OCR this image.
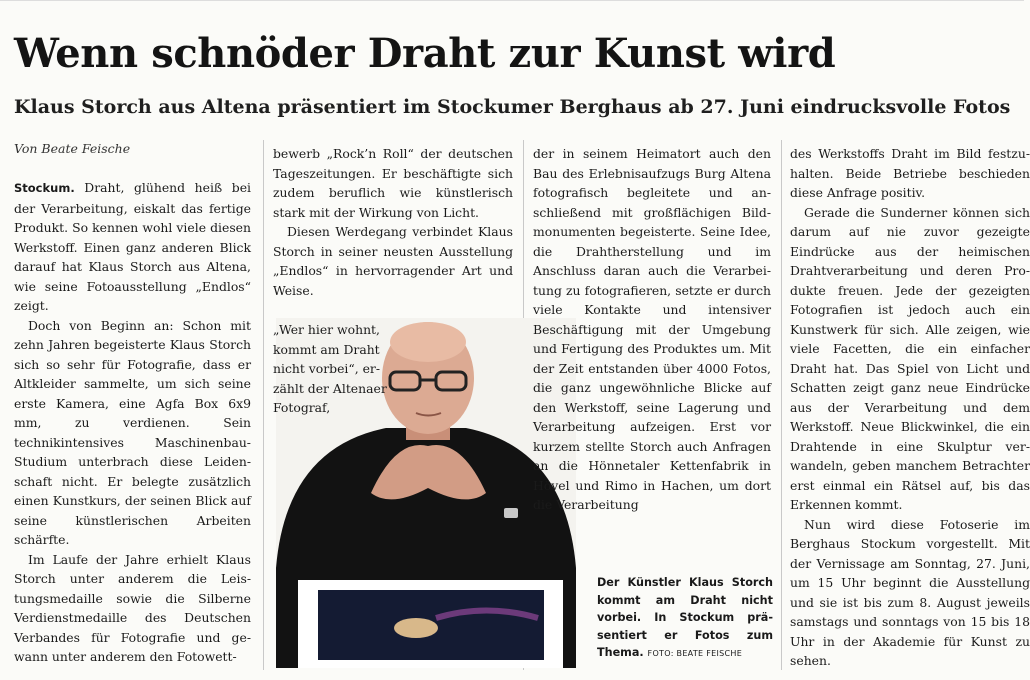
Wenn schnöder Draht zur Kunst wird
Klaus Storch aus Altena präsentiert im Stockumer Berghaus ab 27. Juni eindrucksvolle Fotos
Von Beate Feische

Stockum. Draht, glühend heiß bei der Verarbeitung, eiskalt das fertige Produkt. So kennen wohl viele diesen Werkstoff. Einen ganz anderen Blick darauf hat Klaus Storch aus Altena, wie seine Fotoausstellung „Endlos“ zeigt.

Doch von Beginn an: Schon mit zehn Jahren begeisterte Klaus Storch sich so sehr für Fotografie, dass er Altkleider sammelte, um sich seine erste Kamera, eine Agfa Box 6x9 mm, zu verdienen. Sein technikintensives Maschinenbau-Studium unterbrach diese Leidenschaft nicht. Er belegte zusätzlich einen Kunstkurs, der seinen Blick auf seine künstlerischen Arbeiten schärfte.

Im Laufe der Jahre erhielt Klaus Storch unter anderem die Leistungsmedaille sowie die Silberne Verdienstmedaille des Deutschen Verbandes für Fotografie und gewann unter anderem den Fotowett-

bewerb „Rock’n Roll“ der deutschen Tageszeitungen. Er beschäftigte sich zudem beruflich wie künstlerisch stark mit der Wirkung von Licht.

Diesen Werdegang verbindet Klaus Storch in seiner neusten Ausstellung „Endlos“ in hervorragender Art und Weise.

„Wer hier wohnt, kommt am Draht nicht vorbei“, erzählt der Altenaer Fotograf,

der in seinem Heimatort auch den Bau des Erlebnisaufzugs Burg Altena fotografisch begleitete und anschließend mit großflächigen Bildmonumenten begeisterte. Seine Idee, die Drahtherstellung und im Anschluss daran auch die Verarbeitung zu fotografieren, setzte er durch viele Kontakte und intensiver Beschäftigung mit der Umgebung und Fertigung des Produktes um. Mit der Zeit entstanden über 4000 Fotos, die ganz ungewöhnliche Blicke auf den Werkstoff, seine Lagerung und Verarbeitung aufzeigen. Erst vor kurzem stellte Storch auch Anfragen an die Hönnetaler Kettenfabrik in Hövel und Rimo in Hachen, um dort die Verarbeitung

Der Künstler Klaus Storch kommt am Draht nicht vorbei. In Stockum präsentiert er Fotos zum Thema. FOTO: BEATE FEISCHE

des Werkstoffs Draht im Bild festzuhalten. Beide Betriebe beschieden diese Anfrage positiv.

Gerade die Sunderner können sich darum auf nie zuvor gezeigte Eindrücke aus der heimischen Drahtverarbeitung und deren Produkte freuen. Jede der gezeigten Fotografien ist jedoch auch ein Kunstwerk für sich. Alle zeigen, wie viele Facetten, die ein einfacher Draht hat. Das Spiel von Licht und Schatten zeigt ganz neue Eindrücke aus der Verarbeitung und dem Werkstoff. Neue Blickwinkel, die ein Drahtende in eine Skulptur verwandeln, geben manchem Betrachter erst einmal ein Rätsel auf, bis das Erkennen kommt.

Nun wird diese Fotoserie im Berghaus Stockum vorgestellt. Mit der Vernissage am Sonntag, 27. Juni, um 15 Uhr beginnt die Ausstellung und sie ist bis zum 8. August jeweils samstags und sonntags von 15 bis 18 Uhr in der Akademie für Kunst zu sehen.
